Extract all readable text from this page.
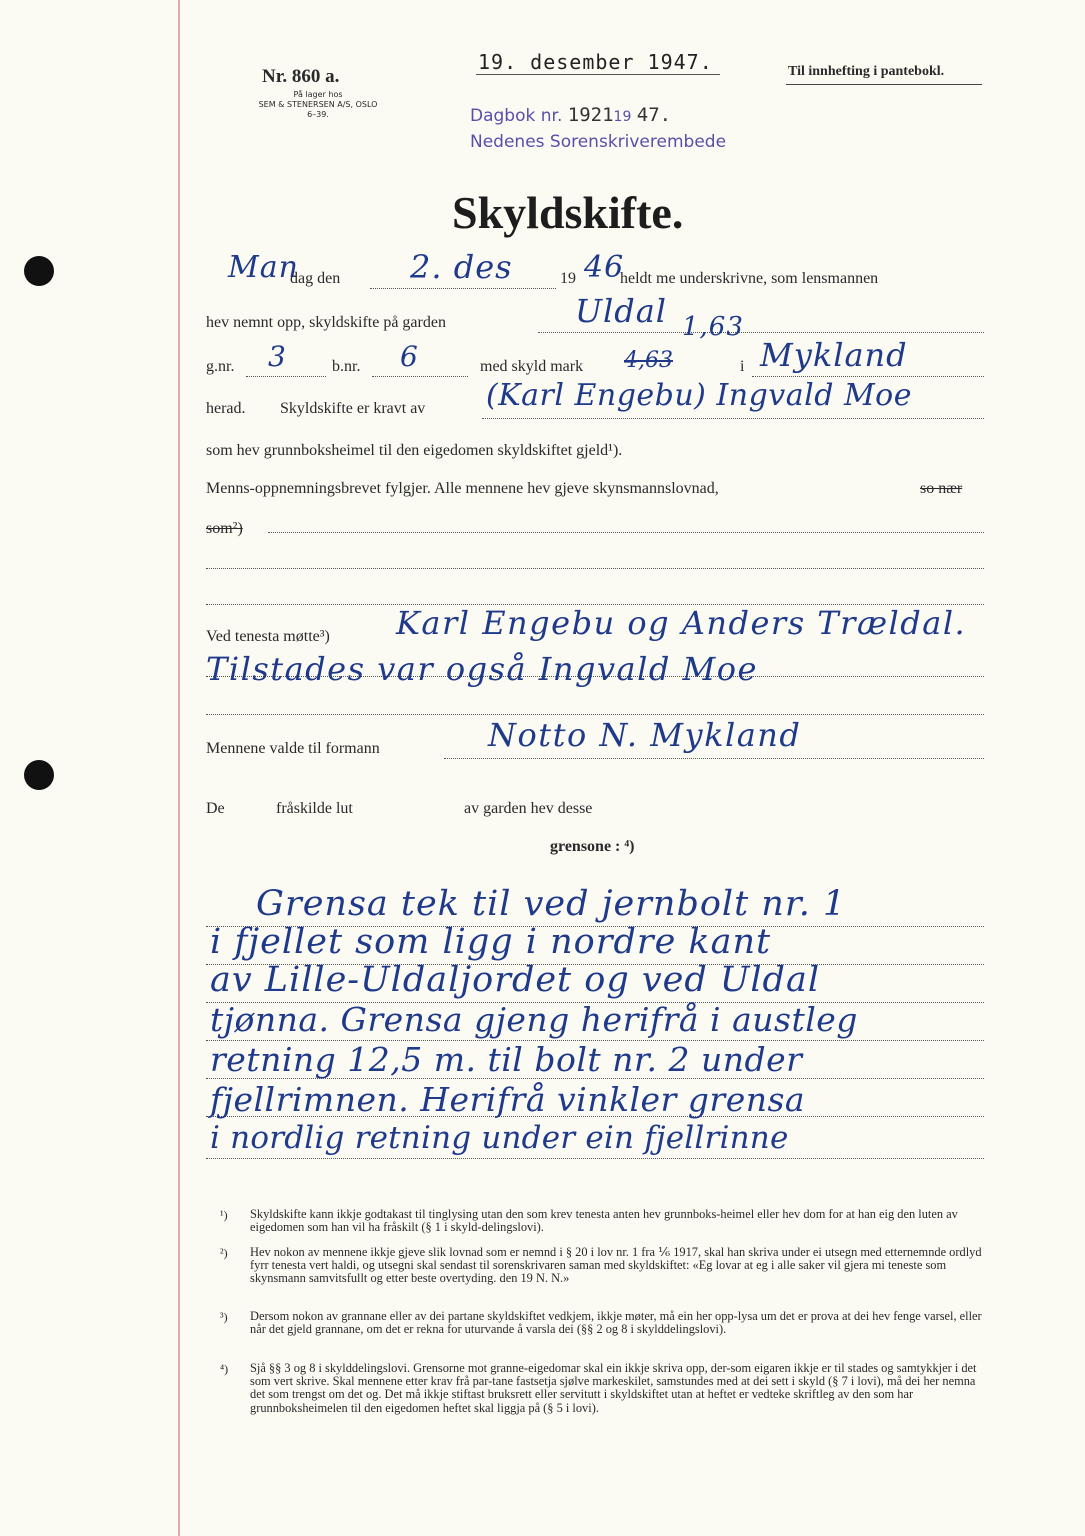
Nr. 860 a.
På lager hos
SEM & STENERSEN A/S, OSLO
6–39.
19. desember 1947.	Til innhefting i pantebokl.
Dagbok nr. 192119 47.
Nedenes Sorenskriverembede
Skyldskifte.
Man
dag den 2. des	19 46
heldt me underskrivne, som lensmannen
hev nemnt opp, skyldskifte på garden	Uldal
g.nr. 3	b.nr. 6	med skyld mark 4,63
1,63
i Mykland
herad. Skyldskifte er kravt av (Karl Engebu) Ingvald Moe
som hev grunnboksheimel til den eigedomen skyldskiftet gjeld¹).
Menns-oppnemningsbrevet fylgjer. Alle mennene hev gjeve skynsmannslovnad,	so nær
som²)
Ved tenesta møtte³) Karl Engebu og Anders Trældal.
Tilstades var også Ingvald Moe
Mennene valde til formann	Notto N. Mykland
De	fråskilde lut	av garden hev desse
grensone : ⁴)
Grensa tek til ved jernbolt nr. 1
i fjellet som ligg i nordre kant
av Lille-Uldaljordet og ved Uldal
tjønna. Grensa gjeng herifrå i austleg
retning 12,5 m. til bolt nr. 2 under
fjellrimnen. Herifrå vinkler grensa
i nordlig retning under ein fjellrinne
¹) Skyldskifte kann ikkje godtakast til tinglysing utan den som krev tenesta anten hev grunnboks-heimel eller hev dom for at han eig den luten av eigedomen som han vil ha fråskilt (§ 1 i skyld-delingslovi).
²) Hev nokon av mennene ikkje gjeve slik lovnad som er nemnd i § 20 i lov nr. 1 fra ⅙ 1917, skal han skriva under ei utsegn med etternemnde ordlyd fyrr tenesta vert haldi, og utsegni skal sendast til sorenskrivaren saman med skyldskiftet: «Eg lovar at eg i alle saker vil gjera mi teneste som skynsmann samvitsfullt og etter beste overtyding. den 19 N. N.»
³) Dersom nokon av grannane eller av dei partane skyldskiftet vedkjem, ikkje møter, må ein her opp-lysa um det er prova at dei hev fenge varsel, eller når det gjeld grannane, om det er rekna for uturvande å varsla dei (§§ 2 og 8 i skylddelingslovi).
⁴) Sjå §§ 3 og 8 i skylddelingslovi. Grensorne mot granne-eigedomar skal ein ikkje skriva opp, der-som eigaren ikkje er til stades og samtykkjer i det som vert skrive. Skal mennene etter krav frå par-tane fastsetja sjølve markeskilet, samstundes med at dei sett i skyld (§ 7 i lovi), må dei her nemna det som trengst om det og. Det må ikkje stiftast bruksrett eller servitutt i skyldskiftet utan at heftet er vedteke skriftleg av den som har grunnboksheimelen til den eigedomen heftet skal liggja på (§ 5 i lovi).
